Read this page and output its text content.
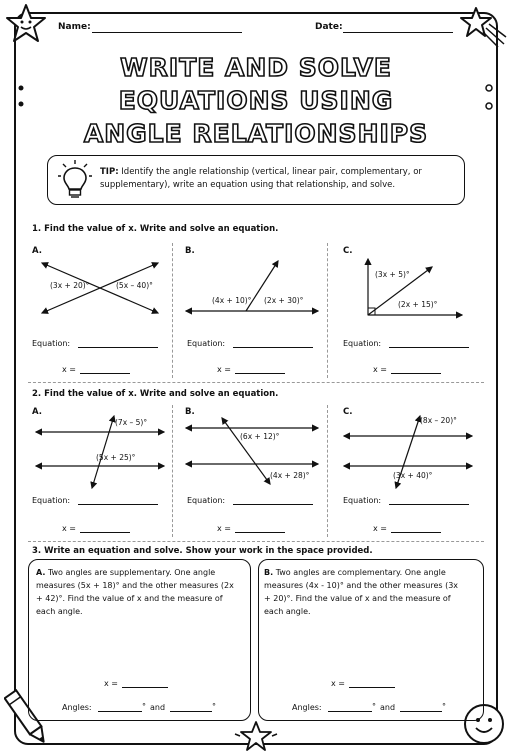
Name:	Date:
WRITE AND SOLVE
EQUATIONS USING
ANGLE RELATIONSHIPS
TIP: Identify the angle relationship (vertical, linear pair, complementary, or supplementary), write an equation using that relationship, and solve.
1. Find the value of x. Write and solve an equation.
A.
(3x + 20)°	(5x – 40)°
B.
(4x + 10)° (2x + 30)°
C.
(3x + 5)°
(2x + 15)°
Equation:
x =
Equation:
x =
Equation:
x =
2. Find the value of x. Write and solve an equation.
A.
(7x – 5)°
(5x + 25)°
B.
(6x + 12)°
(4x + 28)°
C.
(8x – 20)°
(3x + 40)°
Equation:
x =
Equation:
x =
Equation:
x =
3. Write an equation and solve. Show your work in the space provided.
A. Two angles are supplementary. One angle measures (5x + 18)° and the other measures (2x + 42)°. Find the value of x and the measure of each angle.
x =
Angles:	° and	°
B. Two angles are complementary. One angle measures (4x - 10)° and the other measures (3x + 20)°. Find the value of x and the measure of each angle.
x =
Angles:	° and	°
